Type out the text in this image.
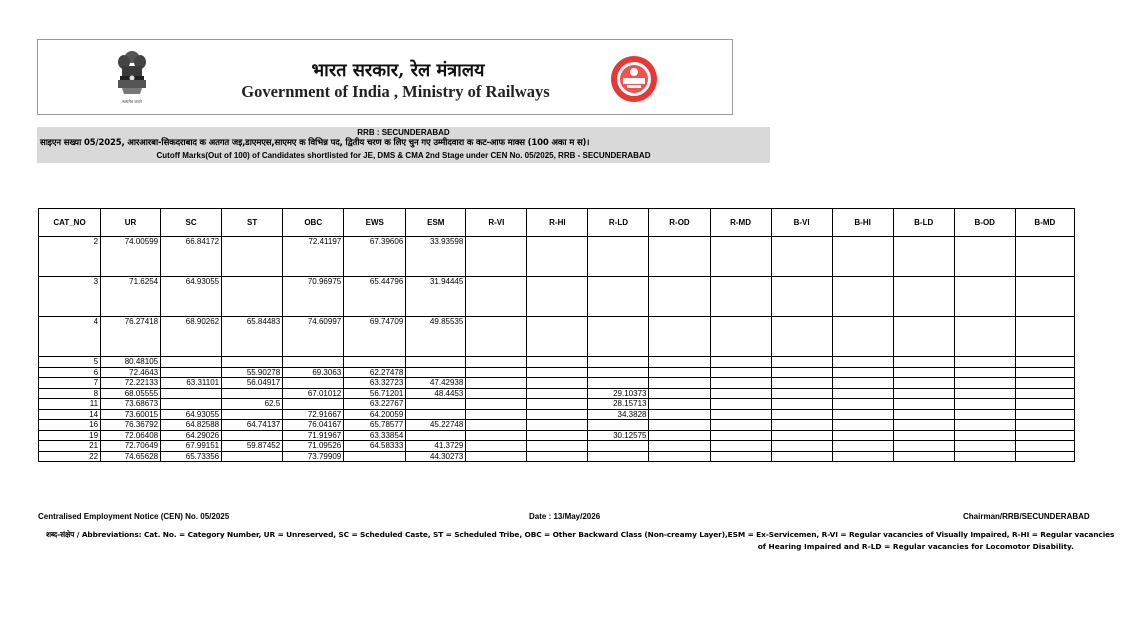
सत्यमेव जयते
भारत सरकार, रेल मंत्रालय
Government of India , Ministry of Railways
RRB : SECUNDERABAD
साइएन सख्या 05/2025, आरआरबा-सिकदराबाद क अतगत जइ,डाएमएस,साएमए क विभिन्न पद, द्वितीय चरण क लिए चुन गए उम्मीदवारा क कट-आफ माक्स (100 अका म स)।
Cutoff Marks(Out of 100) of Candidates shortlisted for JE, DMS & CMA 2nd Stage under CEN No. 05/2025, RRB - SECUNDERABAD
CAT_NO	UR	SC	ST	OBC	EWS	ESM	R-VI	R-HI	R-LD	R-OD	R-MD	B-VI	B-HI	B-LD	B-OD	B-MD
2	74.00599	66.84172		72.41197	67.39606	33.93598										
3	71.6254	64.93055		70.96975	65.44796	31.94445										
4	76.27418	68.90262	65.84483	74.60997	69.74709	49.85535										
5	80.48105															
6	72.4643		55.90278	69.3063	62.27478											
7	72.22133	63.31101	56.04917		63.32723	47.42938										
8	68.05555			67.01012	56.71201	48.4453			29.10373							
11	73.68673		62.5		63.22767				28.15713							
14	73.60015	64.93055		72.91667	64.20059				34.3828							
16	76.36792	64.82588	64.74137	76.04167	65.78577	45.22748										
19	72.06408	64.29026		71.91967	63.33854				30.12575							
21	72.70649	67.99151	59.87452	71.09526	64.58333	41.3729										
22	74.65628	65.73356		73.79909		44.30273										
Centralised Employment Notice (CEN) No. 05/2025	Date : 13/May/2026	Chairman/RRB/SECUNDERABAD
शब्द-संक्षेप / Abbreviations: Cat. No. = Category Number, UR = Unreserved, SC = Scheduled Caste, ST = Scheduled Tribe, OBC = Other Backward Class (Non-creamy Layer),ESM = Ex-Servicemen, R-VI = Regular vacancies of Visually Impaired, R-HI = Regular vacancies
of Hearing Impaired and R-LD = Regular vacancies for Locomotor Disability.
